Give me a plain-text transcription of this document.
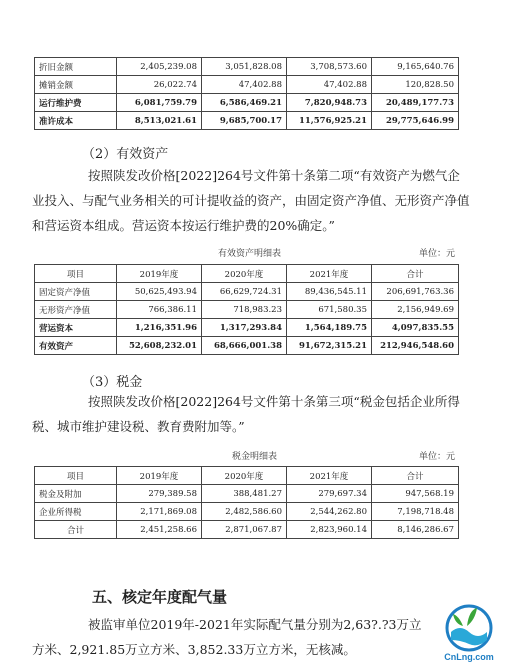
折旧金额	2,405,239.08	3,051,828.08	3,708,573.60	9,165,640.76
摊销金额	26,022.74	47,402.88	47,402.88	120,828.50
运行维护费	6,081,759.79	6,586,469.21	7,820,948.73	20,489,177.73
准许成本	8,513,021.61	9,685,700.17	11,576,925.21	29,775,646.99
（2）有效资产
按照陕发改价格[2022]264号文件第十条第二项“有效资产为燃气企业投入、与配气业务相关的可计提收益的资产，由固定资产净值、无形资产净值和营运资本组成。营运资本按运行维护费的20%确定。”
有效资产明细表	单位：元
项目	2019年度	2020年度	2021年度	合计
固定资产净值	50,625,493.94	66,629,724.31	89,436,545.11	206,691,763.36
无形资产净值	766,386.11	718,983.23	671,580.35	2,156,949.69
营运资本	1,216,351.96	1,317,293.84	1,564,189.75	4,097,835.55
有效资产	52,608,232.01	68,666,001.38	91,672,315.21	212,946,548.60
（3）税金
按照陕发改价格[2022]264号文件第十条第三项“税金包括企业所得税、城市维护建设税、教育费附加等。”
税金明细表	单位：元
项目	2019年度	2020年度	2021年度	合计
税金及附加	279,389.58	388,481.27	279,697.34	947,568.19
企业所得税	2,171,869.08	2,482,586.60	2,544,262.80	7,198,718.48
合计	2,451,258.66	2,871,067.87	2,823,960.14	8,146,286.67
五、核定年度配气量
被监审单位2019年-2021年实际配气量分别为2,63?.?3万立方米、2,921.85万立方米、3,852.33万立方米，无核减。	CnLng.com
